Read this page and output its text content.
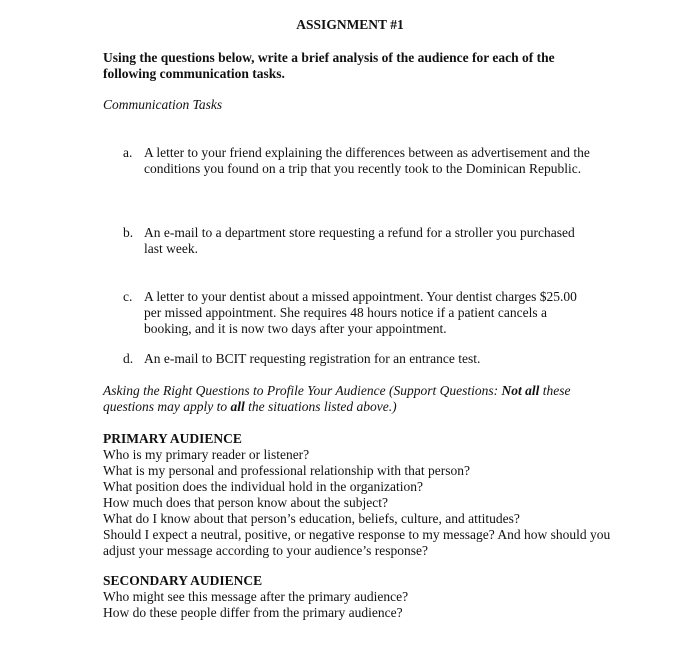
ASSIGNMENT #1
Using the questions below, write a brief analysis of the audience for each of the following communication tasks.
Communication Tasks
a. A letter to your friend explaining the differences between as advertisement and the conditions you found on a trip that you recently took to the Dominican Republic.
b. An e-mail to a department store requesting a refund for a stroller you purchased last week.
c. A letter to your dentist about a missed appointment. Your dentist charges $25.00 per missed appointment. She requires 48 hours notice if a patient cancels a booking, and it is now two days after your appointment.
d. An e-mail to BCIT requesting registration for an entrance test.
Asking the Right Questions to Profile Your Audience (Support Questions: Not all these questions may apply to all the situations listed above.)
PRIMARY AUDIENCE
Who is my primary reader or listener?
What is my personal and professional relationship with that person?
What position does the individual hold in the organization?
How much does that person know about the subject?
What do I know about that person’s education, beliefs, culture, and attitudes?
Should I expect a neutral, positive, or negative response to my message? And how should you adjust your message according to your audience’s response?
SECONDARY AUDIENCE
Who might see this message after the primary audience?
How do these people differ from the primary audience?
